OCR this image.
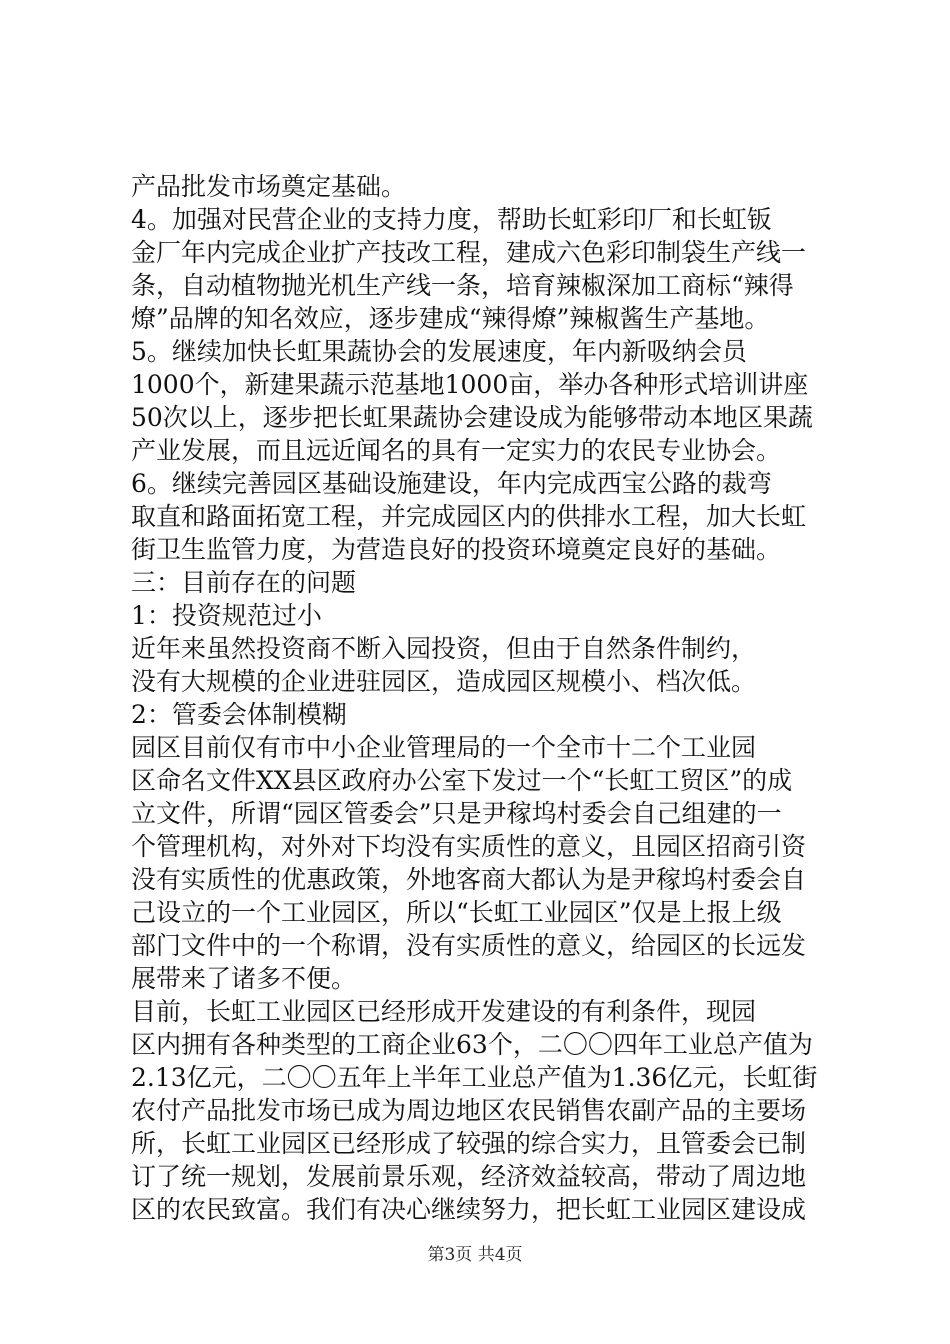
产品批发市场奠定基础。
4。加强对民营企业的支持力度，帮助长虹彩印厂和长虹钣
金厂年内完成企业扩产技改工程，建成六色彩印制袋生产线一
条，自动植物抛光机生产线一条，培育辣椒深加工商标“辣得
燎”品牌的知名效应，逐步建成“辣得燎”辣椒酱生产基地。
5。继续加快长虹果蔬协会的发展速度，年内新吸纳会员
1000个，新建果蔬示范基地1000亩，举办各种形式培训讲座
50次以上，逐步把长虹果蔬协会建设成为能够带动本地区果蔬
产业发展，而且远近闻名的具有一定实力的农民专业协会。
6。继续完善园区基础设施建设，年内完成西宝公路的裁弯
取直和路面拓宽工程，并完成园区内的供排水工程，加大长虹
街卫生监管力度，为营造良好的投资环境奠定良好的基础。
三：目前存在的问题
1：投资规范过小
近年来虽然投资商不断入园投资，但由于自然条件制约，
没有大规模的企业进驻园区，造成园区规模小、档次低。
2：管委会体制模糊
园区目前仅有市中小企业管理局的一个全市十二个工业园
区命名文件XX县区政府办公室下发过一个“长虹工贸区”的成
立文件，所谓“园区管委会”只是尹稼坞村委会自己组建的一
个管理机构，对外对下均没有实质性的意义，且园区招商引资
没有实质性的优惠政策，外地客商大都认为是尹稼坞村委会自
己设立的一个工业园区，所以“长虹工业园区”仅是上报上级
部门文件中的一个称谓，没有实质性的意义，给园区的长远发
展带来了诸多不便。
目前，长虹工业园区已经形成开发建设的有利条件，现园
区内拥有各种类型的工商企业63个，二〇〇四年工业总产值为
2.13亿元，二〇〇五年上半年工业总产值为1.36亿元，长虹街
农付产品批发市场已成为周边地区农民销售农副产品的主要场
所，长虹工业园区已经形成了较强的综合实力，且管委会已制
订了统一规划，发展前景乐观，经济效益较高，带动了周边地
区的农民致富。我们有决心继续努力，把长虹工业园区建设成
第3页 共4页
